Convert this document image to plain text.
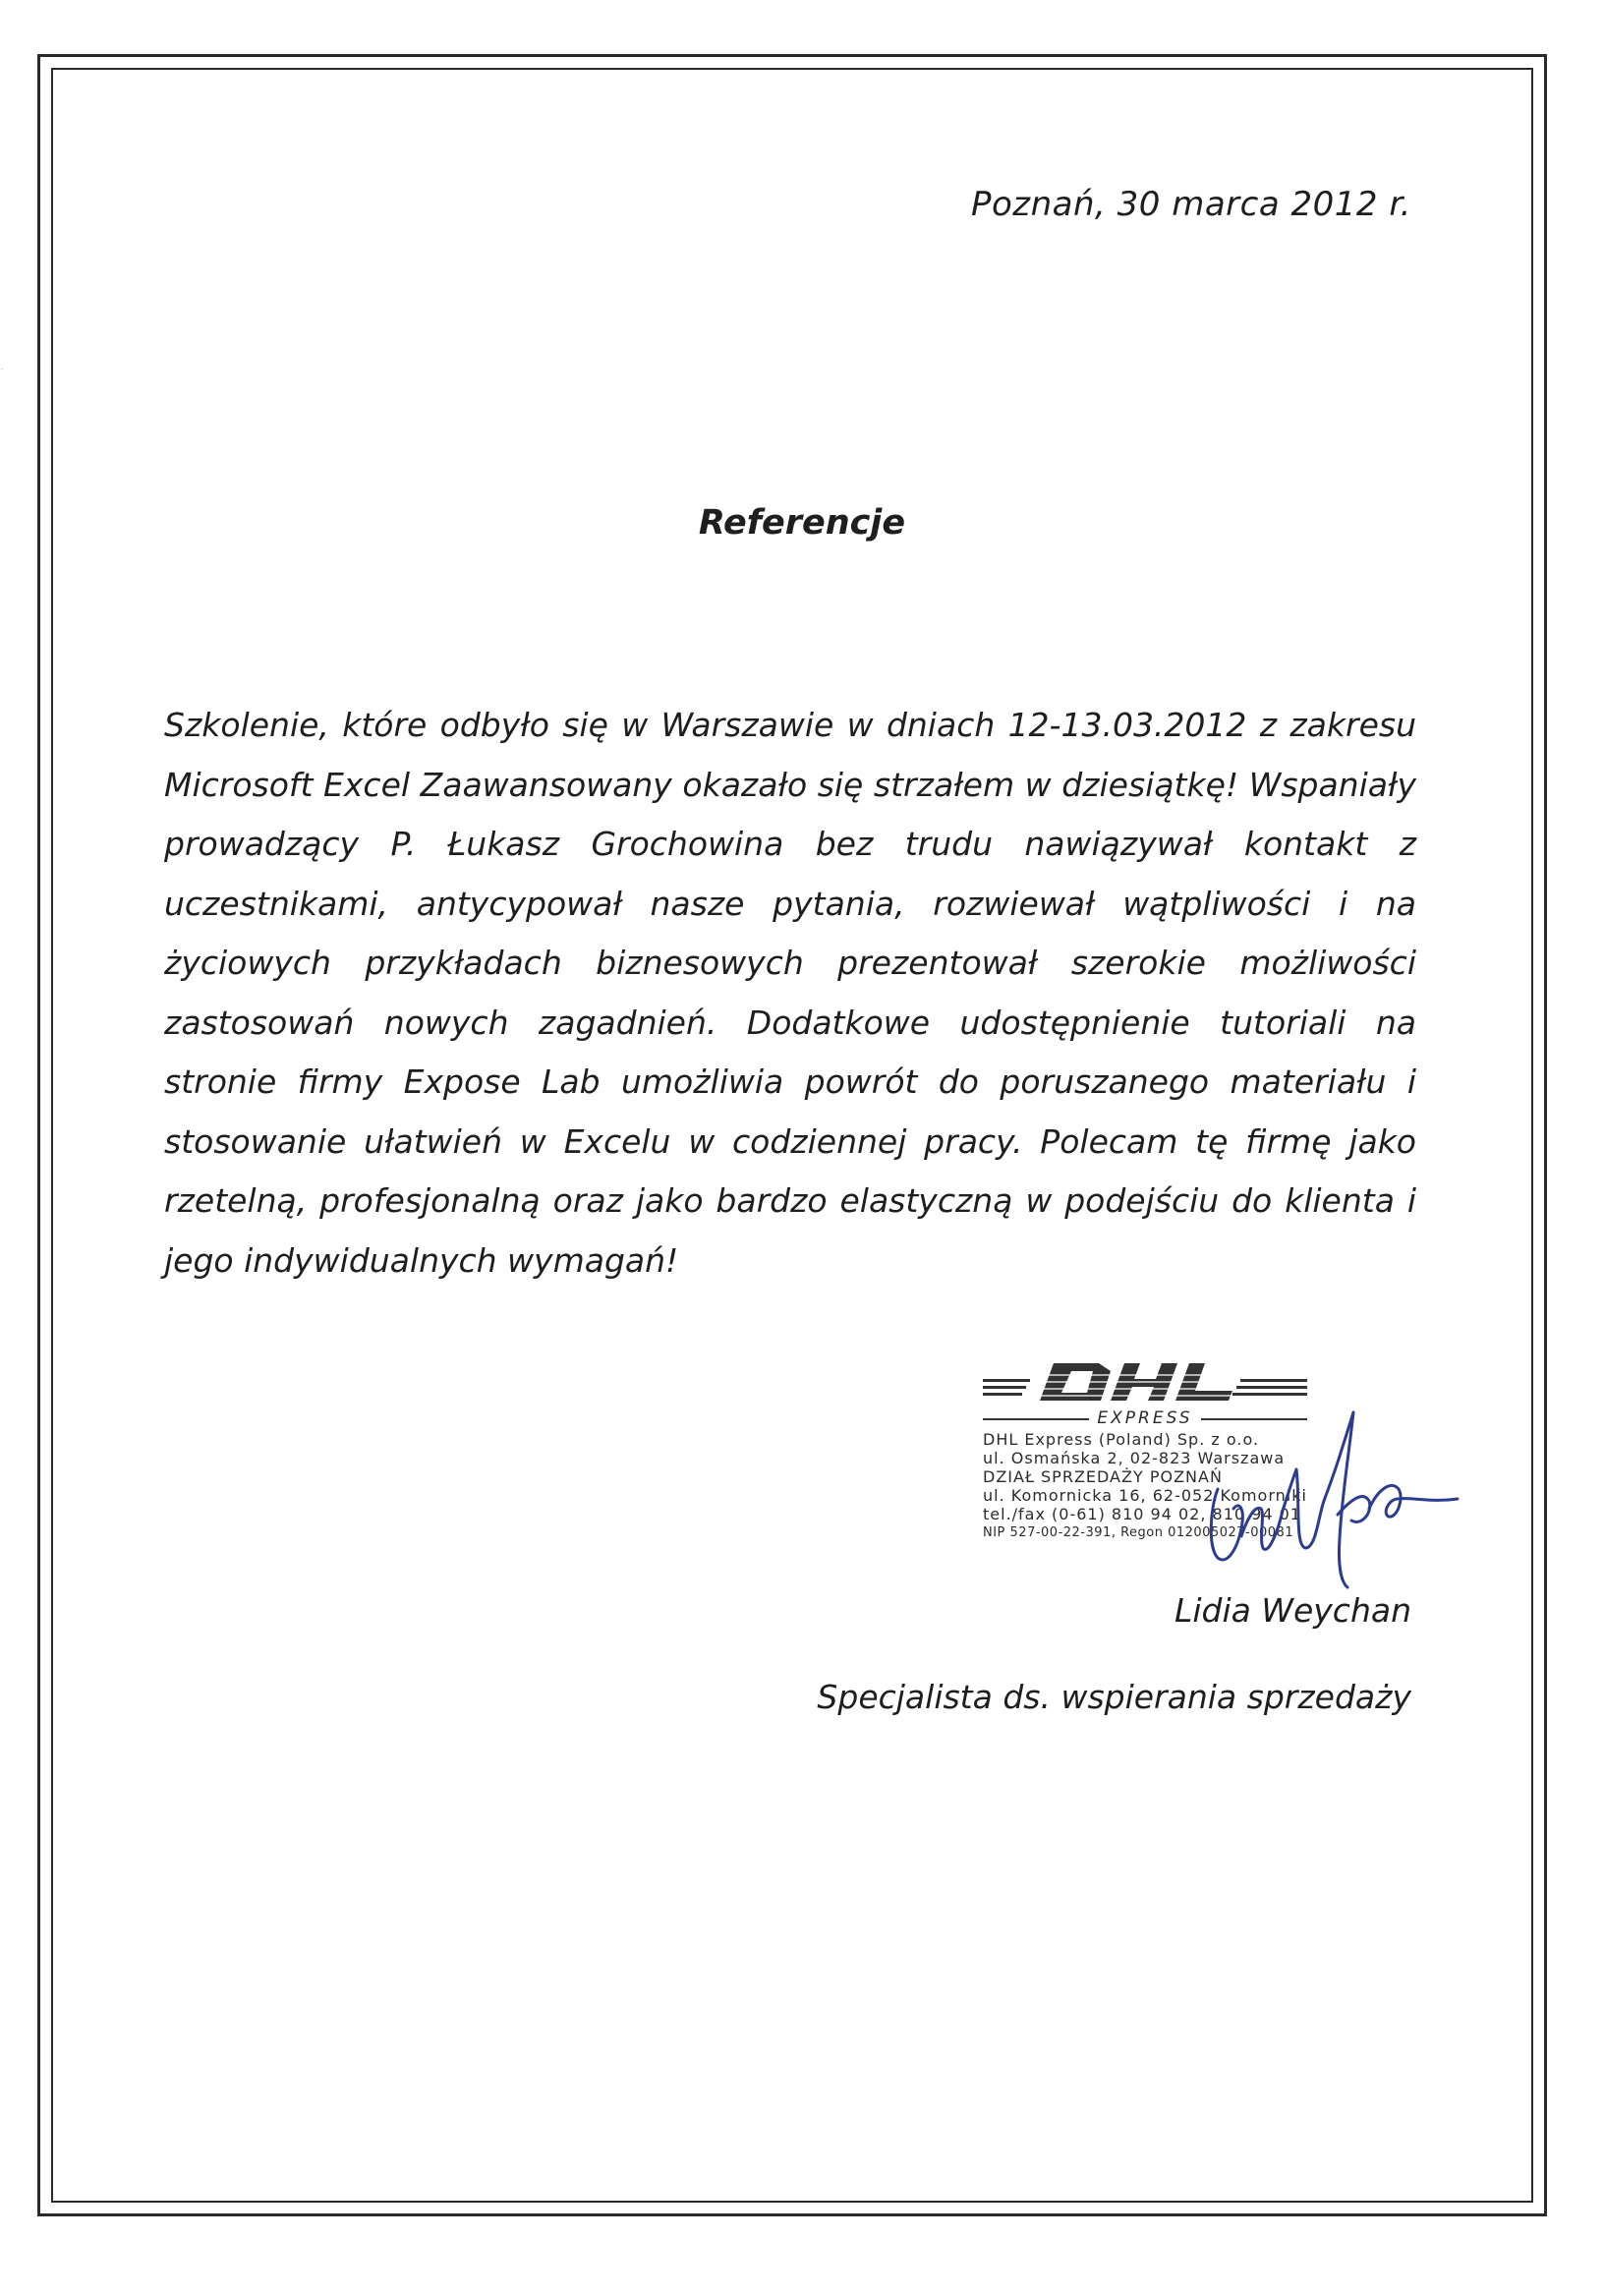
Poznań, 30 marca 2012 r.
Referencje

Szkolenie, które odbyło się w Warszawie w dniach 12-13.03.2012 z zakresu Microsoft Excel Zaawansowany okazało się strzałem w dziesiątkę! Wspaniały prowadzący P. Łukasz Grochowina bez trudu nawiązywał kontakt z uczestnikami, antycypował nasze pytania, rozwiewał wątpliwości i na życiowych przykładach biznesowych prezentował szerokie możliwości zastosowań nowych zagadnień. Dodatkowe udostępnienie tutoriali na stronie firmy Expose Lab umożliwia powrót do poruszanego materiału i stosowanie ułatwień w Excelu w codziennej pracy. Polecam tę firmę jako rzetelną, profesjonalną oraz jako bardzo elastyczną w podejściu do klienta i jego indywidualnych wymagań!

DHL
EXPRESS
DHL Express (Poland) Sp. z o.o.
ul. Osmańska 2, 02-823 Warszawa
DZIAŁ SPRZEDAŻY POZNAŃ
ul. Komornicka 16, 62-052 Komorniki
tel./fax (0-61) 810 94 02, 810 94 01
NIP 527-00-22-391, Regon 012005027-00081
Lidia Weychan
Specjalista ds. wspierania sprzedaży
